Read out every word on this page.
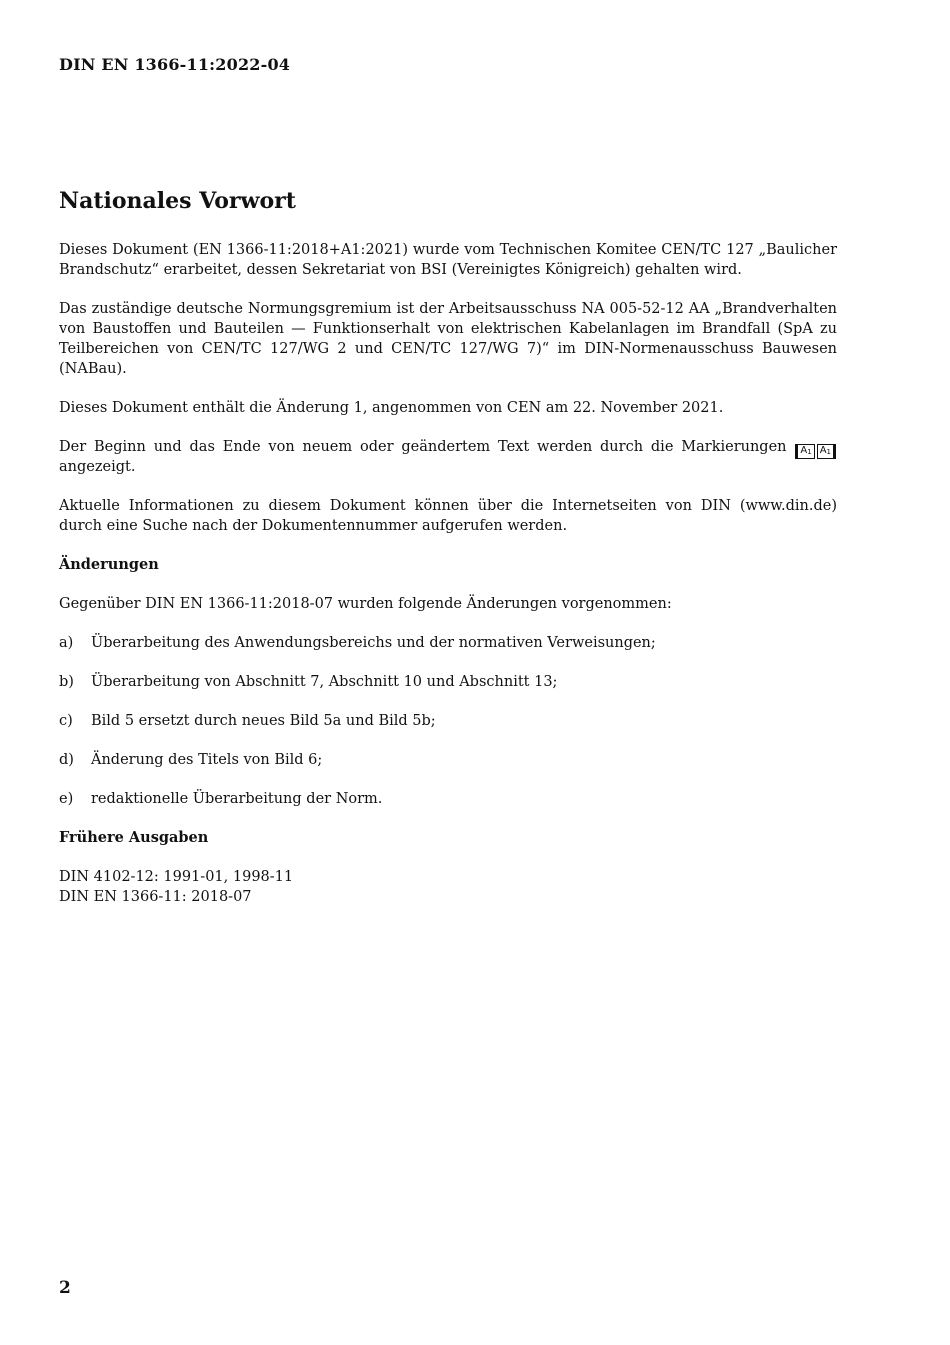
DIN EN 1366-11:2022-04
Nationales Vorwort

Dieses Dokument (EN 1366-11:2018+A1:2021) wurde vom Technischen Komitee CEN/TC 127 „Baulicher Brandschutz“ erarbeitet, dessen Sekretariat von BSI (Vereinigtes Königreich) gehalten wird.

Das zuständige deutsche Normungsgremium ist der Arbeitsausschuss NA 005-52-12 AA „Brandverhalten von Baustoffen und Bauteilen — Funktionserhalt von elektrischen Kabelanlagen im Brandfall (SpA zu Teilbereichen von CEN/TC 127/WG 2 und CEN/TC 127/WG 7)“ im DIN-Normenausschuss Bauwesen (NABau).

Dieses Dokument enthält die Änderung 1, angenommen von CEN am 22. November 2021.

Der Beginn und das Ende von neuem oder geändertem Text werden durch die Markierungen $A_1$ $A_1$ angezeigt.

Aktuelle Informationen zu diesem Dokument können über die Internetseiten von DIN (www.din.de) durch eine Suche nach der Dokumentennummer aufgerufen werden.

Änderungen

Gegenüber DIN EN 1366-11:2018-07 wurden folgende Änderungen vorgenommen:

a)	Überarbeitung des Anwendungsbereichs und der normativen Verweisungen;
b)	Überarbeitung von Abschnitt 7, Abschnitt 10 und Abschnitt 13;
c)	Bild 5 ersetzt durch neues Bild 5a und Bild 5b;
d)	Änderung des Titels von Bild 6;
e)	redaktionelle Überarbeitung der Norm.
Frühere Ausgaben

DIN 4102-12: 1991-01, 1998-11
DIN EN 1366-11: 2018-07

2
